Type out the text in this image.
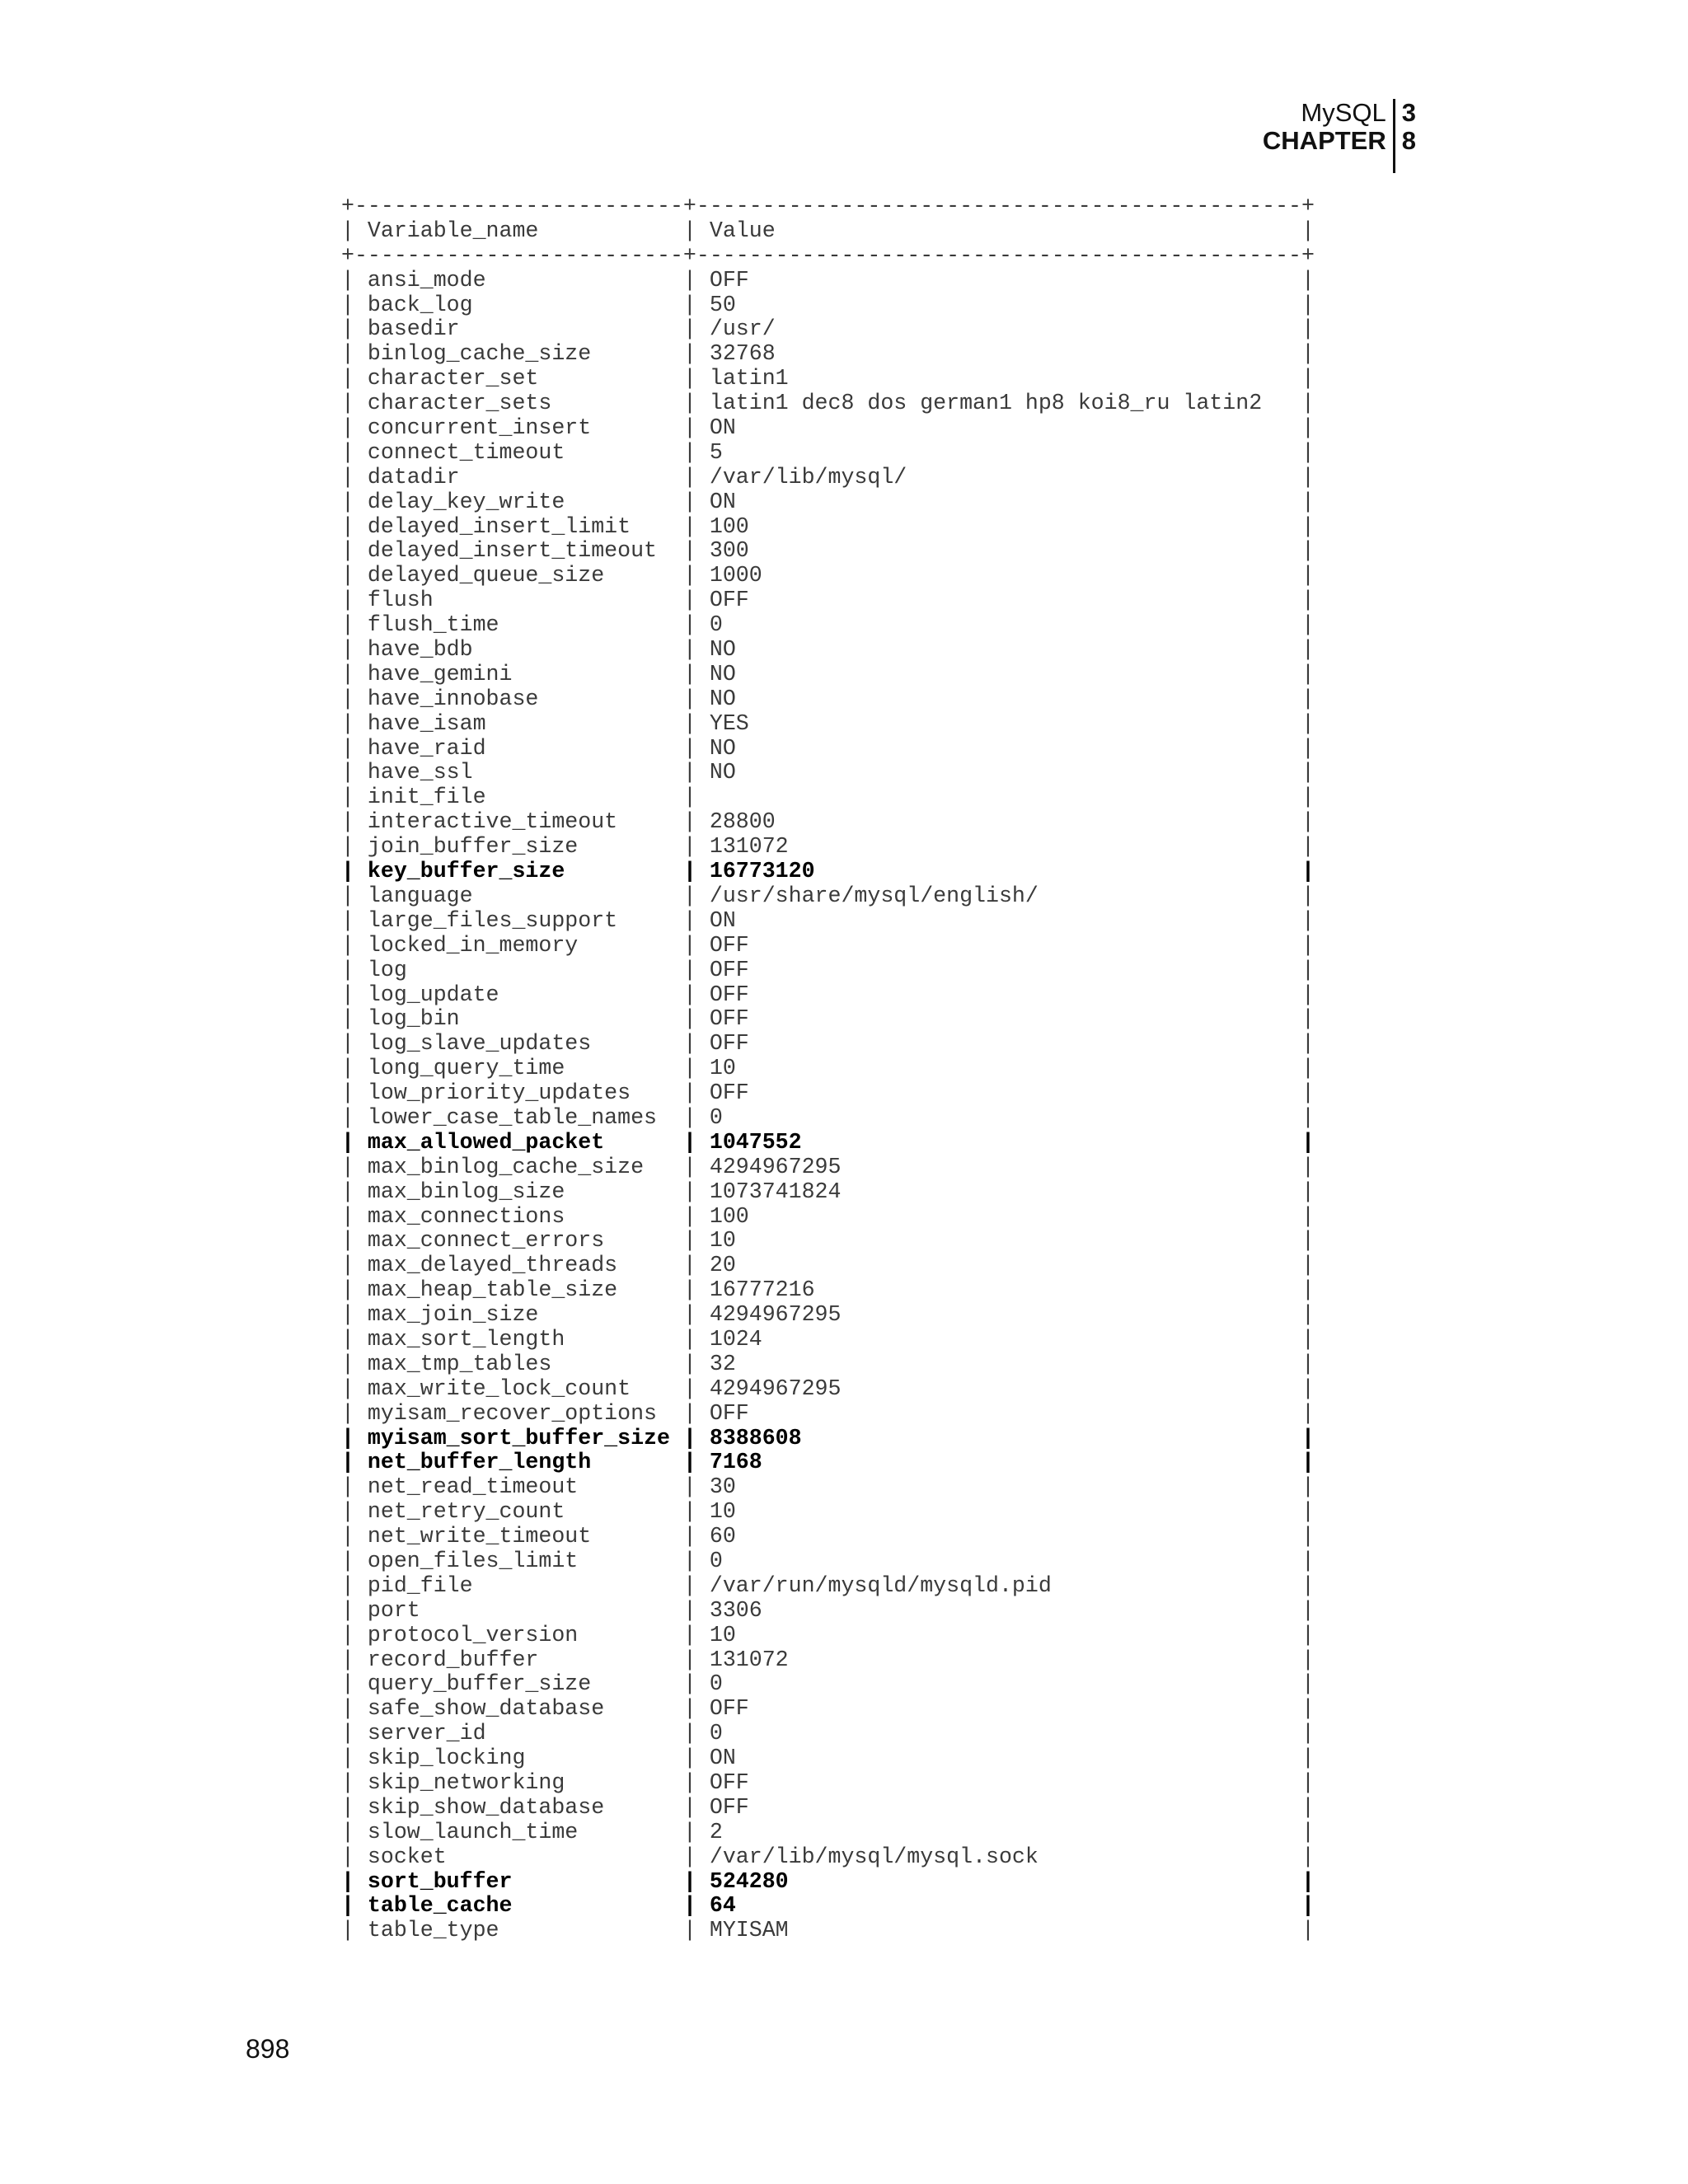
MySQL
CHAPTER
3
8
+-------------------------+----------------------------------------------+
| Variable_name           | Value                                        |
+-------------------------+----------------------------------------------+
| ansi_mode               | OFF                                          |
| back_log                | 50                                           |
| basedir                 | /usr/                                        |
| binlog_cache_size       | 32768                                        |
| character_set           | latin1                                       |
| character_sets          | latin1 dec8 dos german1 hp8 koi8_ru latin2   |
| concurrent_insert       | ON                                           |
| connect_timeout         | 5                                            |
| datadir                 | /var/lib/mysql/                              |
| delay_key_write         | ON                                           |
| delayed_insert_limit    | 100                                          |
| delayed_insert_timeout  | 300                                          |
| delayed_queue_size      | 1000                                         |
| flush                   | OFF                                          |
| flush_time              | 0                                            |
| have_bdb                | NO                                           |
| have_gemini             | NO                                           |
| have_innobase           | NO                                           |
| have_isam               | YES                                          |
| have_raid               | NO                                           |
| have_ssl                | NO                                           |
| init_file               |                                              |
| interactive_timeout     | 28800                                        |
| join_buffer_size        | 131072                                       |
| key_buffer_size         | 16773120                                     |
| language                | /usr/share/mysql/english/                    |
| large_files_support     | ON                                           |
| locked_in_memory        | OFF                                          |
| log                     | OFF                                          |
| log_update              | OFF                                          |
| log_bin                 | OFF                                          |
| log_slave_updates       | OFF                                          |
| long_query_time         | 10                                           |
| low_priority_updates    | OFF                                          |
| lower_case_table_names  | 0                                            |
| max_allowed_packet      | 1047552                                      |
| max_binlog_cache_size   | 4294967295                                   |
| max_binlog_size         | 1073741824                                   |
| max_connections         | 100                                          |
| max_connect_errors      | 10                                           |
| max_delayed_threads     | 20                                           |
| max_heap_table_size     | 16777216                                     |
| max_join_size           | 4294967295                                   |
| max_sort_length         | 1024                                         |
| max_tmp_tables          | 32                                           |
| max_write_lock_count    | 4294967295                                   |
| myisam_recover_options  | OFF                                          |
| myisam_sort_buffer_size | 8388608                                      |
| net_buffer_length       | 7168                                         |
| net_read_timeout        | 30                                           |
| net_retry_count         | 10                                           |
| net_write_timeout       | 60                                           |
| open_files_limit        | 0                                            |
| pid_file                | /var/run/mysqld/mysqld.pid                   |
| port                    | 3306                                         |
| protocol_version        | 10                                           |
| record_buffer           | 131072                                       |
| query_buffer_size       | 0                                            |
| safe_show_database      | OFF                                          |
| server_id               | 0                                            |
| skip_locking            | ON                                           |
| skip_networking         | OFF                                          |
| skip_show_database      | OFF                                          |
| slow_launch_time        | 2                                            |
| socket                  | /var/lib/mysql/mysql.sock                    |
| sort_buffer             | 524280                                       |
| table_cache             | 64                                           |
| table_type              | MYISAM                                       |
898
